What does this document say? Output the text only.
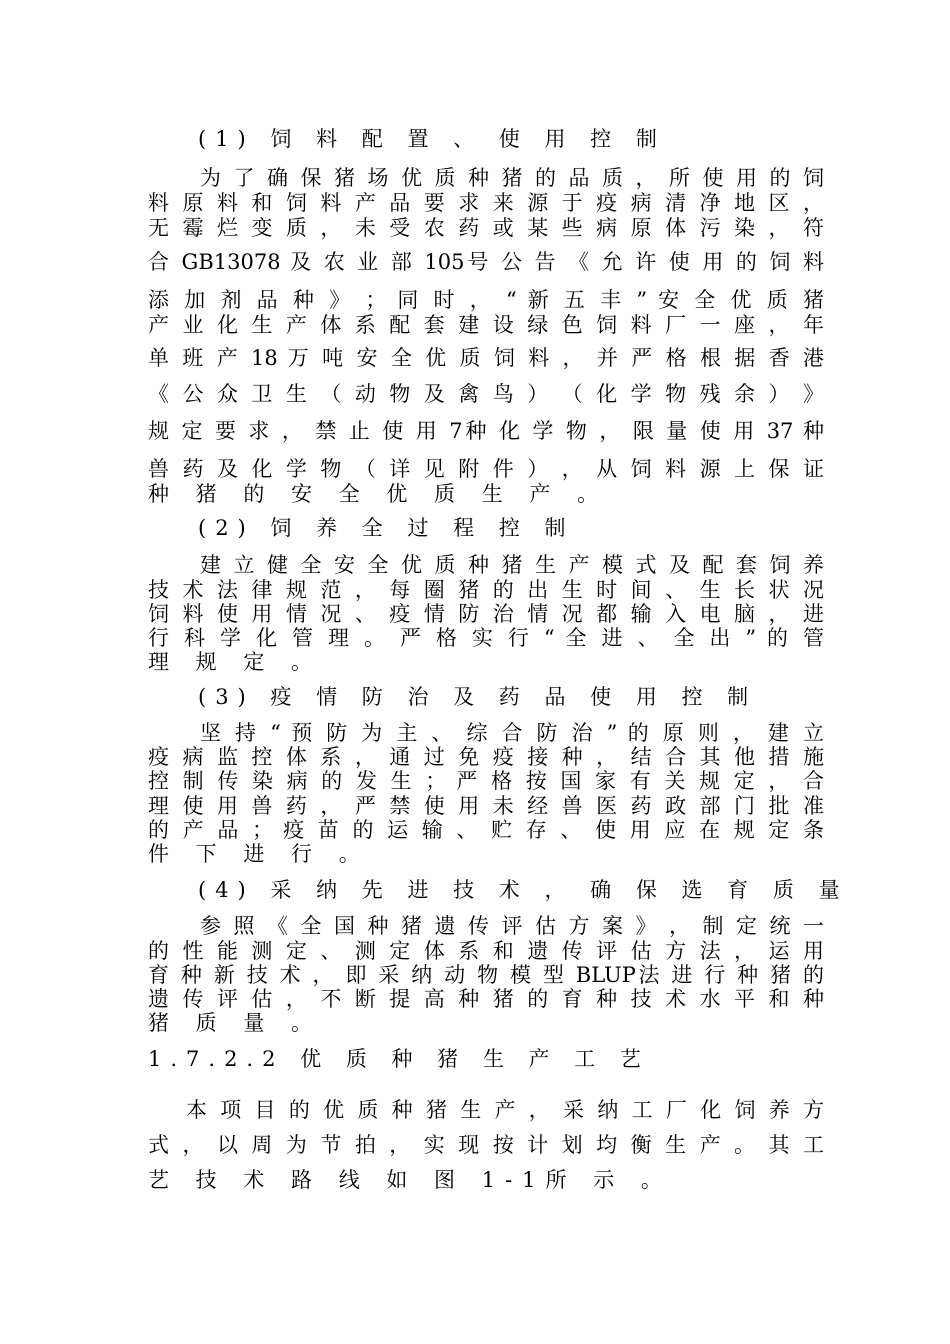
(1) 饲 料 配 置 、 使 用 控 制
为 了 确 保 猪 场 优 质 种 猪 的 品 质 ， 所 使 用 的 饲
料 原 料 和 饲 料 产 品 要 求 来 源 于 疫 病 清 净 地 区 ，
无 霉 烂 变 质 ， 未 受 农 药 或 某 些 病 原 体 污 染 ， 符
合 GB13078 及 农 业 部 105号 公 告 《 允 许 使 用 的 饲 料
添 加 剂 品 种 》 ； 同 时 ， “ 新 五 丰 ” 安 全 优 质 猪
产 业 化 生 产 体 系 配 套 建 设 绿 色 饲 料 厂 一 座 ， 年
单 班 产 18 万 吨 安 全 优 质 饲 料 ， 并 严 格 根 据 香 港
《 公 众 卫 生 （ 动 物 及 禽 鸟 ） （ 化 学 物 残 余 ） 》
规 定 要 求 ， 禁 止 使 用 7种 化 学 物 ， 限 量 使 用 37 种
兽 药 及 化 学 物 （ 详 见 附 件 ） ， 从 饲 料 源 上 保 证
种 猪 的 安 全 优 质 生 产 。
(2) 饲 养 全 过 程 控 制
建 立 健 全 安 全 优 质 种 猪 生 产 模 式 及 配 套 饲 养
技 术 法 律 规 范 ， 每 圈 猪 的 出 生 时 间 、 生 长 状 况
饲 料 使 用 情 况 、 疫 情 防 治 情 况 都 输 入 电 脑 ， 进
行 科 学 化 管 理 。 严 格 实 行 “ 全 进 、 全 出 ” 的 管
理 规 定 。
(3) 疫 情 防 治 及 药 品 使 用 控 制
坚 持 “ 预 防 为 主 、 综 合 防 治 ” 的 原 则 ， 建 立
疫 病 监 控 体 系 ， 通 过 免 疫 接 种 ， 结 合 其 他 措 施
控 制 传 染 病 的 发 生 ； 严 格 按 国 家 有 关 规 定 ， 合
理 使 用 兽 药 ， 严 禁 使 用 未 经 兽 医 药 政 部 门 批 准
的 产 品 ； 疫 苗 的 运 输 、 贮 存 、 使 用 应 在 规 定 条
件 下 进 行 。
(4) 采 纳 先 进 技 术 ， 确 保 选 育 质 量
参 照 《 全 国 种 猪 遗 传 评 估 方 案 》 ， 制 定 统 一
的 性 能 测 定 、 测 定 体 系 和 遗 传 评 估 方 法 ， 运 用
育 种 新 技 术 ， 即 采 纳 动 物 模 型 BLUP法 进 行 种 猪 的
遗 传 评 估 ， 不 断 提 高 种 猪 的 育 种 技 术 水 平 和 种
猪 质 量 。
1.7.2.2 优 质 种 猪 生 产 工 艺
本 项 目 的 优 质 种 猪 生 产 ， 采 纳 工 厂 化 饲 养 方
式 ， 以 周 为 节 拍 ， 实 现 按 计 划 均 衡 生 产 。 其 工
艺 技 术 路 线 如 图 1-1所 示 。
